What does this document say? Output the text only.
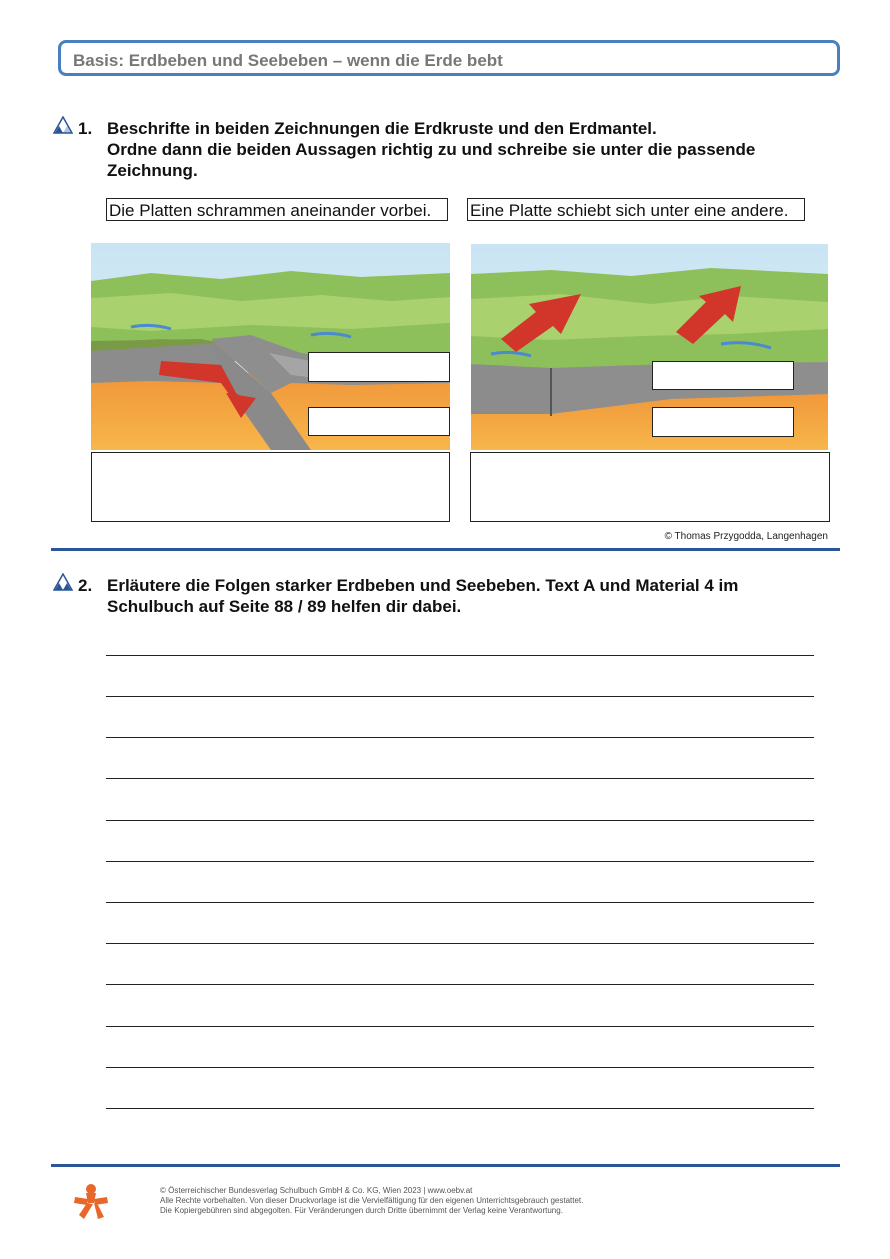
Basis: Erdbeben und Seebeben – wenn die Erde bebt
1. Beschrifte in beiden Zeichnungen die Erdkruste und den Erdmantel.
Ordne dann die beiden Aussagen richtig zu und schreibe sie unter die passende
Zeichnung.
Die Platten schrammen aneinander vorbei.	Eine Platte schiebt sich unter eine andere.
© Thomas Przygodda, Langenhagen
2. Erläutere die Folgen starker Erdbeben und Seebeben. Text A und Material 4 im
Schulbuch auf Seite 88 / 89 helfen dir dabei.
© Österreichischer Bundesverlag Schulbuch GmbH & Co. KG, Wien 2023 | www.oebv.at
Alle Rechte vorbehalten. Von dieser Druckvorlage ist die Vervielfältigung für den eigenen Unterrichtsgebrauch gestattet.
Die Kopiergebühren sind abgegolten. Für Veränderungen durch Dritte übernimmt der Verlag keine Verantwortung.
